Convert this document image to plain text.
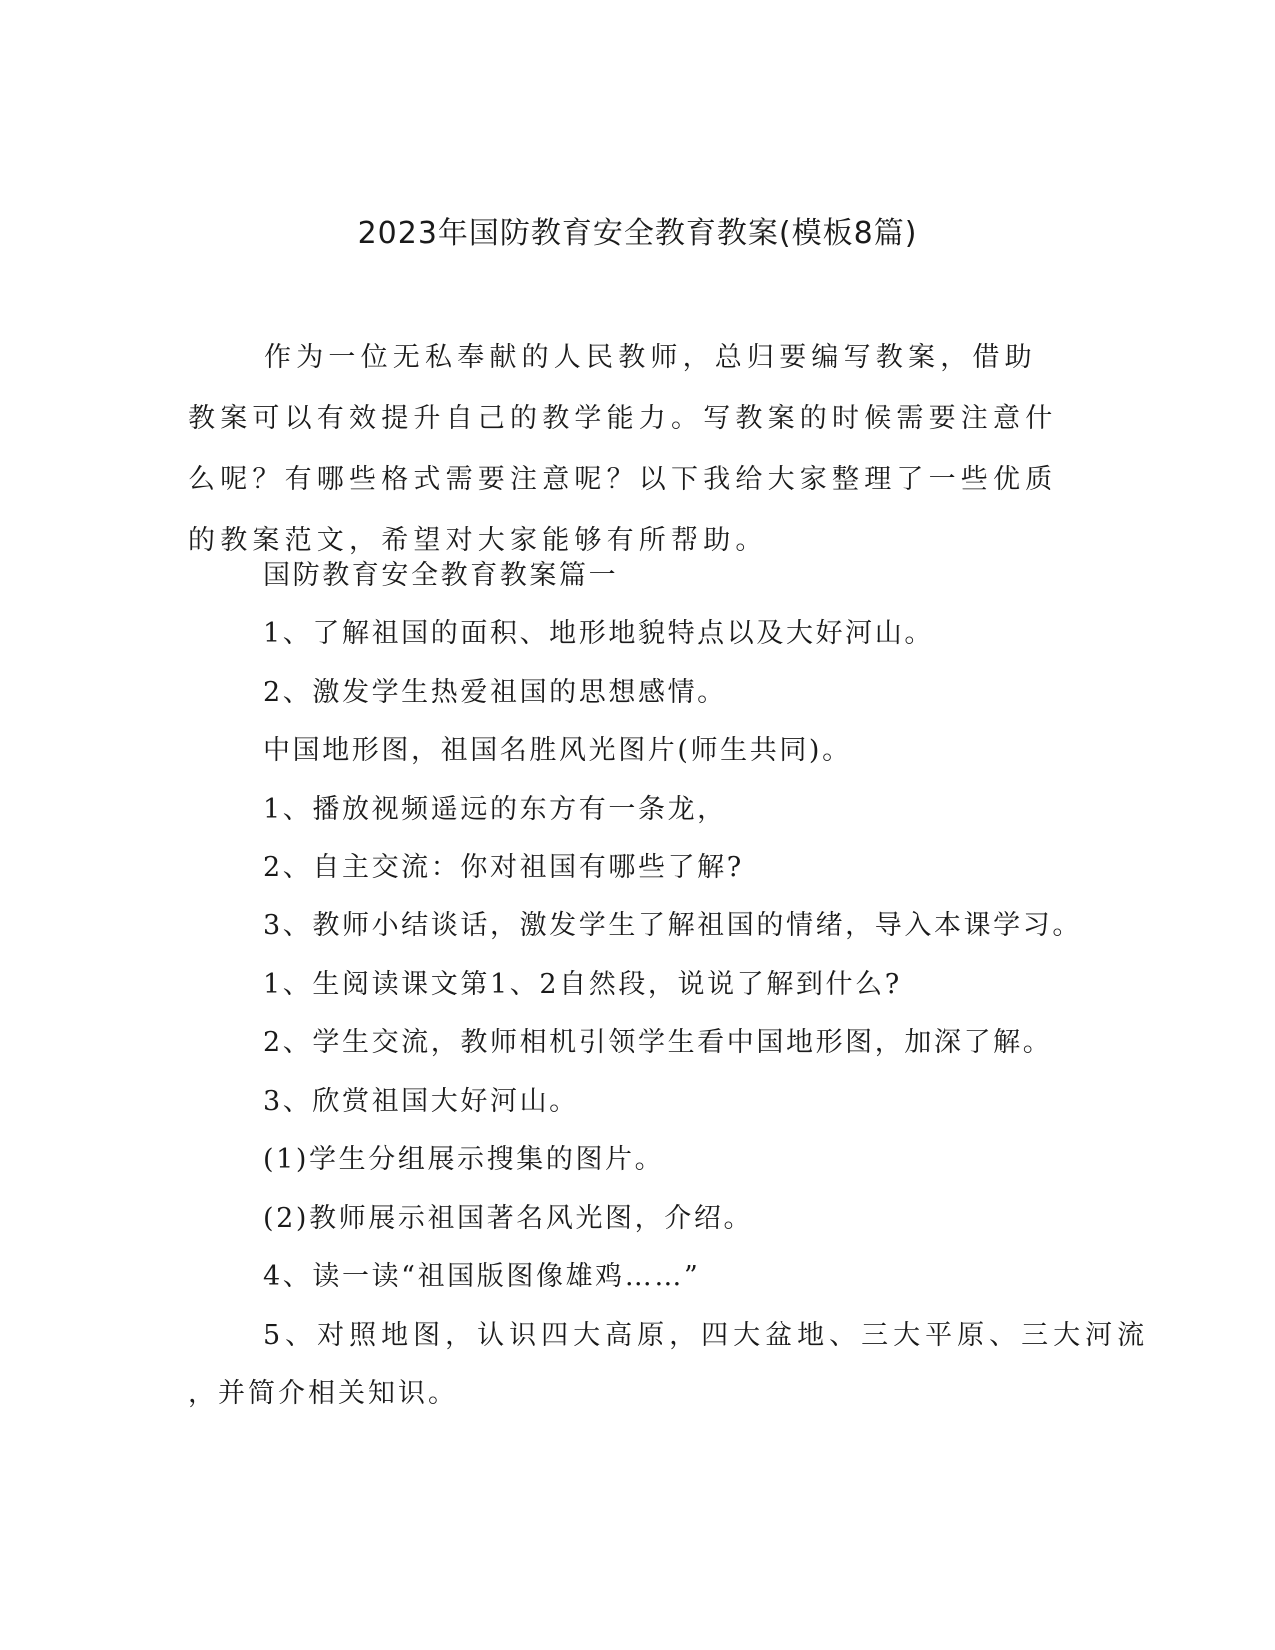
2023年国防教育安全教育教案(模板8篇)

作为一位无私奉献的人民教师，总归要编写教案，借助教案可以有效提升自己的教学能力。写教案的时候需要注意什么呢？有哪些格式需要注意呢？以下我给大家整理了一些优质的教案范文，希望对大家能够有所帮助。

国防教育安全教育教案篇一

1、了解祖国的面积、地形地貌特点以及大好河山。

2、激发学生热爱祖国的思想感情。

中国地形图，祖国名胜风光图片(师生共同)。

1、播放视频遥远的东方有一条龙，

2、自主交流：你对祖国有哪些了解?

3、教师小结谈话，激发学生了解祖国的情绪，导入本课学习。

1、生阅读课文第1、2自然段，说说了解到什么?

2、学生交流，教师相机引领学生看中国地形图，加深了解。

3、欣赏祖国大好河山。

(1)学生分组展示搜集的图片。

(2)教师展示祖国著名风光图，介绍。

4、读一读“祖国版图像雄鸡……”

5、对照地图，认识四大高原，四大盆地、三大平原、三大河流

，并简介相关知识。
